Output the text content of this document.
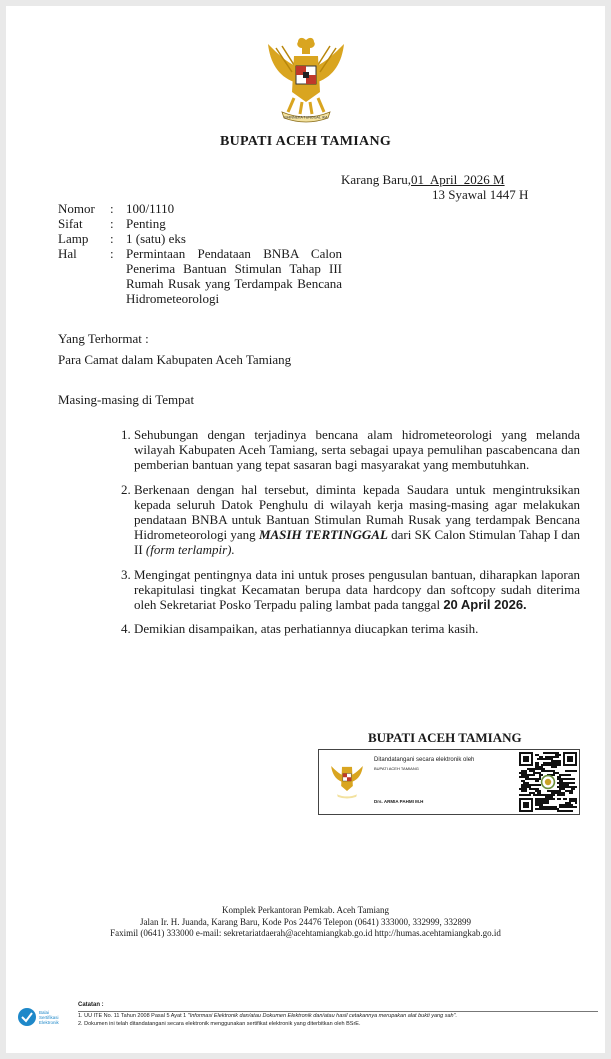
BHINNEKA TUNGGAL IKA
BUPATI ACEH TAMIANG
Karang Baru,01  April  2026 M
13 Syawal 1447 H
Nomor	:	100/1110
Sifat	:	Penting
Lamp	:	1 (satu) eks
Hal	:	Permintaan Pendataan BNBA Calon Penerima Bantuan Stimulan Tahap III Rumah Rusak yang Terdampak Bencana Hidrometeorologi
Yang Terhormat :
Para Camat dalam Kabupaten Aceh Tamiang
Masing-masing di Tempat
1. Sehubungan dengan terjadinya bencana alam hidrometeorologi yang melanda wilayah Kabupaten Aceh Tamiang, serta sebagai upaya pemulihan pascabencana dan pemberian bantuan yang tepat sasaran bagi masyarakat yang membutuhkan.
2. Berkenaan dengan hal tersebut, diminta kepada Saudara untuk mengintruksikan kepada seluruh Datok Penghulu di wilayah kerja masing-masing agar melakukan pendataan BNBA untuk Bantuan Stimulan Rumah Rusak yang terdampak Bencana Hidrometeorologi yang MASIH TERTINGGAL dari SK Calon Stimulan Tahap I dan II (form terlampir).
3. Mengingat pentingnya data ini untuk proses pengusulan bantuan, diharapkan laporan rekapitulasi tingkat Kecamatan berupa data hardcopy dan softcopy sudah diterima oleh Sekretariat Posko Terpadu paling lambat pada tanggal 20 April 2026.
4. Demikian disampaikan, atas perhatiannya diucapkan terima kasih.
BUPATI ACEH TAMIANG
Ditandatangani secara elektronik oleh
BUPATI ACEH TAMIANG
Drs. ARMIA PAHMI M.H
Komplek Perkantoran Pemkab. Aceh Tamiang
Jalan Ir. H. Juanda, Karang Baru, Kode Pos 24476 Telepon (0641) 333000, 332999, 332899
Faximil (0641) 333000 e-mail: sekretariatdaerah@acehtamiangkab.go.id http://humas.acehtamiangkab.go.id
Balai
Sertifikasi
Elektronik
Catatan :
1. UU ITE No. 11 Tahun 2008 Pasal 5 Ayat 1 "Informasi Elektronik dan/atau Dokumen Elektronik dan/atau hasil cetakannya merupakan alat bukti yang sah".
2. Dokumen ini telah ditandatangani secara elektronik menggunakan sertifikat elektronik yang diterbitkan oleh BSrE.
